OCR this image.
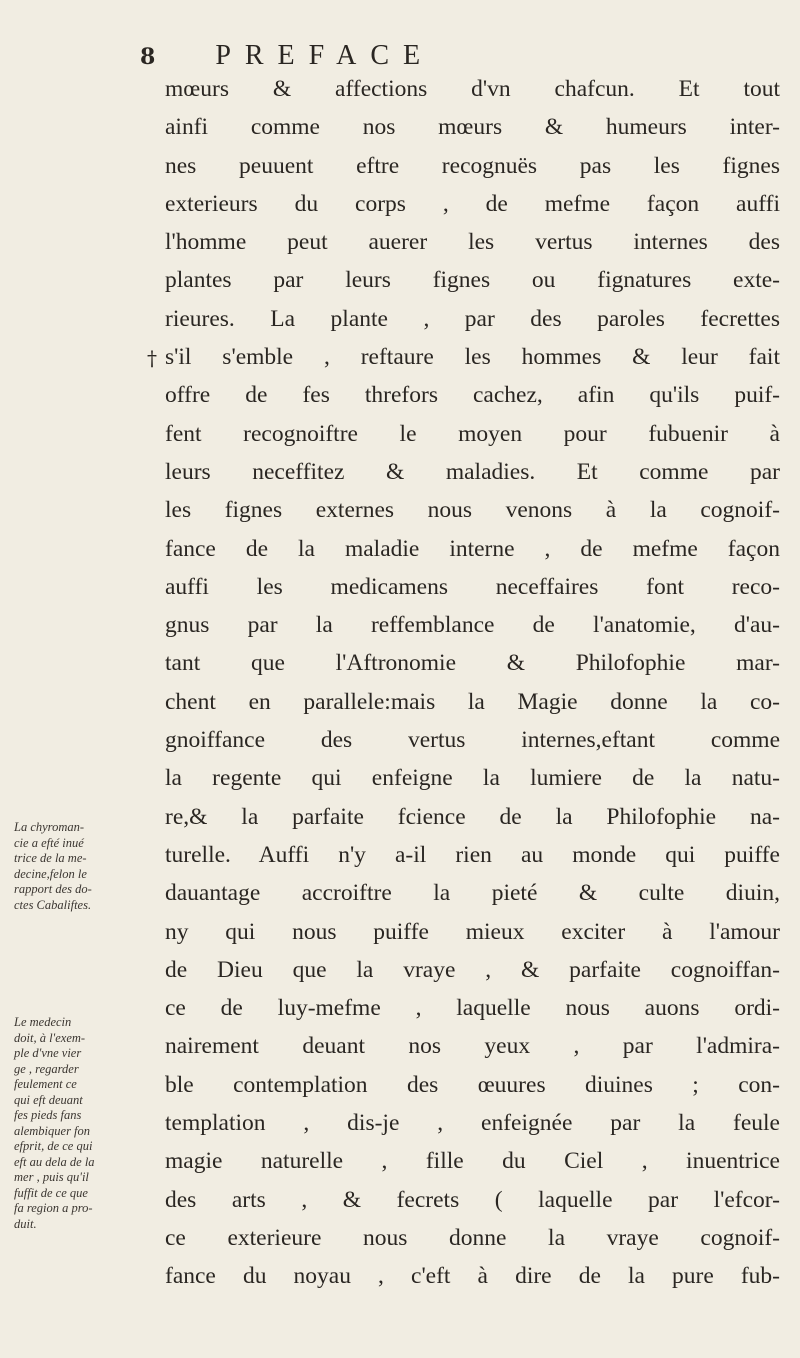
8 PREFACE
†
mœurs & affections d'vn chafcun. Et tout
ainfi comme nos mœurs & humeurs inter-
nes peuuent eftre recognuës pas les fignes
exterieurs du corps , de mefme façon auffi
l'homme peut auerer les vertus internes des
plantes par leurs fignes ou fignatures exte-
rieures. La plante , par des paroles fecrettes
s'il s'emble , reftaure les hommes & leur fait
offre de fes threfors cachez, afin qu'ils puif-
fent recognoiftre le moyen pour fubuenir à
leurs neceffitez & maladies. Et comme par
les fignes externes nous venons à la cognoif-
fance de la maladie interne , de mefme façon
auffi les medicamens neceffaires font reco-
gnus par la reffemblance de l'anatomie, d'au-
tant que l'Aftronomie & Philofophie mar-
chent en parallele:mais la Magie donne la co-
gnoiffance des vertus internes,eftant comme
la regente qui enfeigne la lumiere de la natu-
re,& la parfaite fcience de la Philofophie na-
turelle. Auffi n'y a-il rien au monde qui puiffe
dauantage accroiftre la pieté & culte diuin,
ny qui nous puiffe mieux exciter à l'amour
de Dieu que la vraye , & parfaite cognoiffan-
ce de luy-mefme , laquelle nous auons ordi-
nairement deuant nos yeux , par l'admira-
ble contemplation des œuures diuines ; con-
templation , dis-je , enfeignée par la feule
magie naturelle , fille du Ciel , inuentrice
des arts , & fecrets ( laquelle par l'efcor-
ce exterieure nous donne la vraye cognoif-
fance du noyau , c'eft à dire de la pure fub-
La chyroman-
cie a efté inué
trice de la me-
decine,felon le
rapport des do-
ctes Cabaliftes.
Le medecin
doit, à l'exem-
ple d'vne vier
ge , regarder
feulement ce
qui eft deuant
fes pieds fans
alembiquer fon
efprit, de ce qui
eft au dela de la
mer , puis qu'il
fuffit de ce que
fa region a pro-
duit.
